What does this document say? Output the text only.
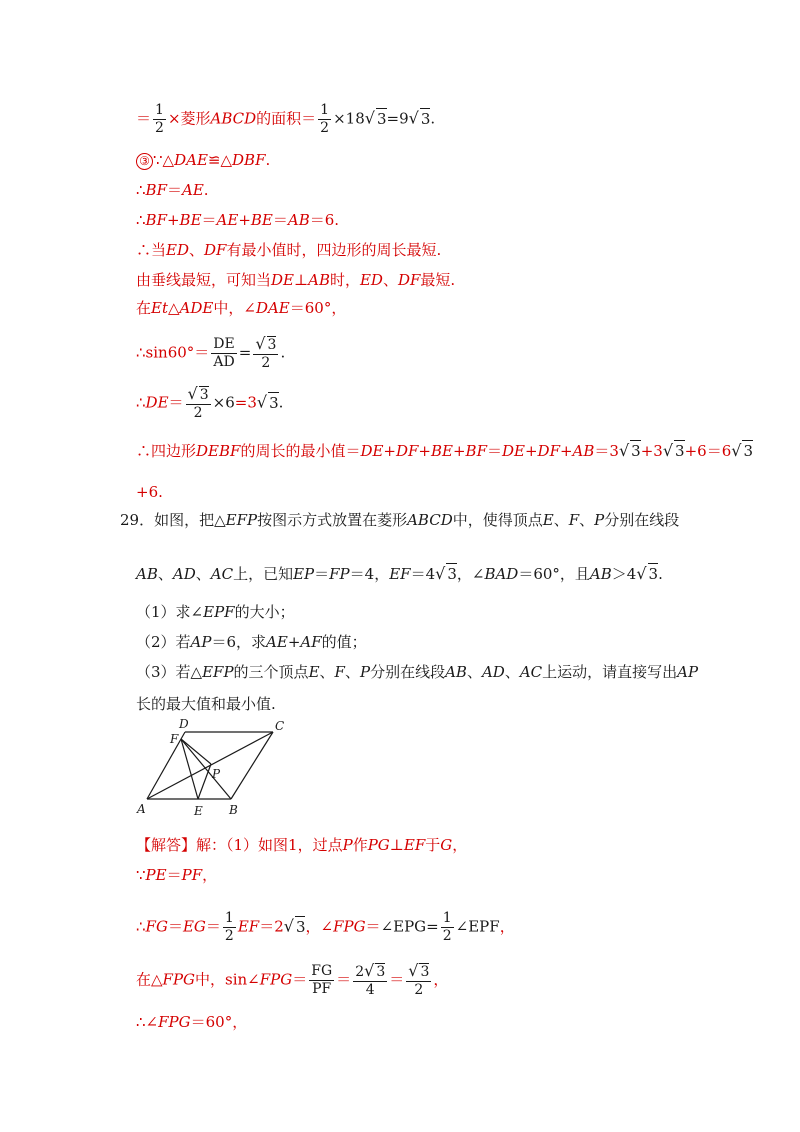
＝ $\frac{1}{2}$ ×菱形ABCD的面积＝ $\frac{1}{2} \times 18√$ 3=9√ 3.
③ ∵△DAE≌△DBF.
∴BF＝AE.
∴BF+BE＝AE+BE＝AB＝6.
∴当ED、DF有最小值时，四边形的周长最短.
由垂线最短，可知当DE⊥AB时，ED、DF最短.
在Et△ADE中，∠DAE＝60°，
∴sin60°＝ $\frac{DE}{AD} = \frac{√ 3}{2}$ .
∴DE＝ $\frac{√ 3}{2} \times 6=3√$ 3.
∴四边形DEBF的周长的最小值＝DE+DF+BE+BF＝DE+DF+AB＝3√ 3+3√ 3+6＝6√ 3
+6.
29．如图，把△EFP按图示方式放置在菱形ABCD中，使得顶点E、F、P分别在线段
AB、AD、AC上，已知EP＝FP＝4，EF＝4√ 3，∠BAD＝60°，且AB＞4√ 3.
（1）求∠EPF的大小；
（2）若AP＝6，求AE+AF的值；
（3）若△EFP的三个顶点E、F、P分别在线段AB、AD、AC上运动，请直接写出AP
长的最大值和最小值.
A	B
C
D
E
F
P
【解答】解：（1）如图1，过点P作PG⊥EF于G，
∵PE＝PF，
∴FG＝EG＝ $\frac{1}{2} EF=2√$ 3，∠FPG＝∠EPG= $\frac{1}{2}$ ∠EPF，
在△FPG中，sin∠FPG＝ $\frac{FG}{PF} = \frac{2√ 3}{4} = \frac{√ 3}{2}$ ，
∴∠FPG＝60°，
